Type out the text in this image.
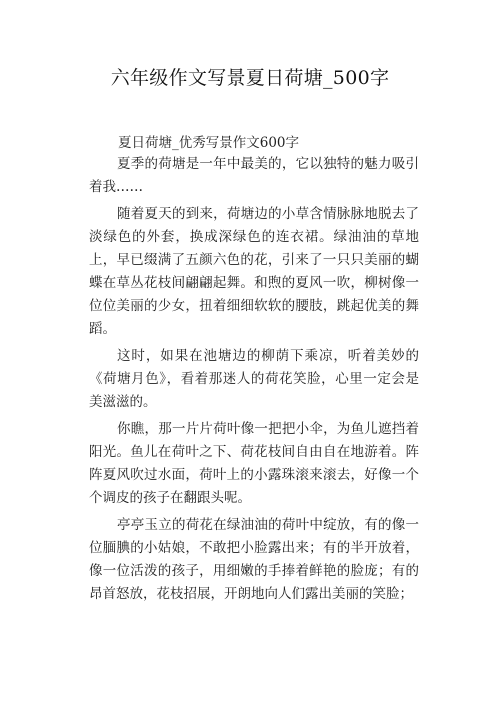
六年级作文写景夏日荷塘_500字
夏日荷塘_优秀写景作文600字

夏季的荷塘是一年中最美的，它以独特的魅力吸引着我……

随着夏天的到来，荷塘边的小草含情脉脉地脱去了淡绿色的外套，换成深绿色的连衣裙。绿油油的草地上，早已缀满了五颜六色的花，引来了一只只美丽的蝴蝶在草丛花枝间翩翩起舞。和煦的夏风一吹，柳树像一位位美丽的少女，扭着细细软软的腰肢，跳起优美的舞蹈。

这时，如果在池塘边的柳荫下乘凉，听着美妙的《荷塘月色》，看着那迷人的荷花笑脸，心里一定会是美滋滋的。

你瞧，那一片片荷叶像一把把小伞，为鱼儿遮挡着阳光。鱼儿在荷叶之下、荷花枝间自由自在地游着。阵阵夏风吹过水面，荷叶上的小露珠滚来滚去，好像一个个调皮的孩子在翻跟头呢。

亭亭玉立的荷花在绿油油的荷叶中绽放，有的像一位腼腆的小姑娘，不敢把小脸露出来；有的半开放着，像一位活泼的孩子，用细嫩的手捧着鲜艳的脸庞；有的昂首怒放，花枝招展，开朗地向人们露出美丽的笑脸；
